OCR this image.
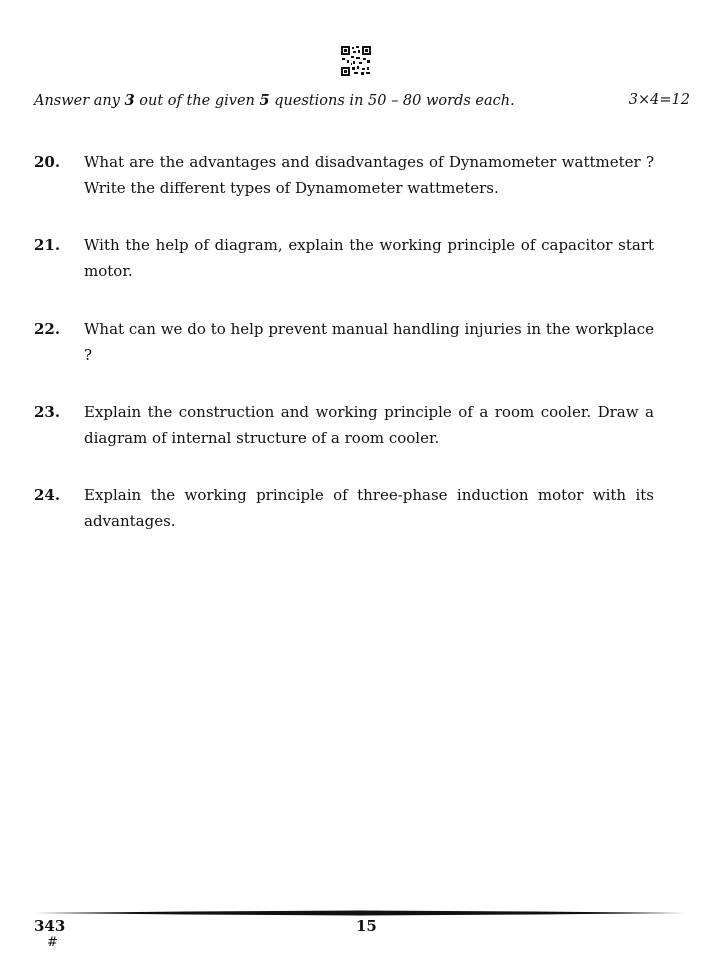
Answer any 3 out of the given 5 questions in 50 – 80 words each.	3×4=12
20. What are the advantages and disadvantages of Dynamometer wattmeter ? Write the different types of Dynamometer wattmeters.
21. With the help of diagram, explain the working principle of capacitor start motor.
22. What can we do to help prevent manual handling injuries in the workplace ?
23. Explain the construction and working principle of a room cooler. Draw a diagram of internal structure of a room cooler.
24. Explain the working principle of three-phase induction motor with its advantages.
343
#
15
